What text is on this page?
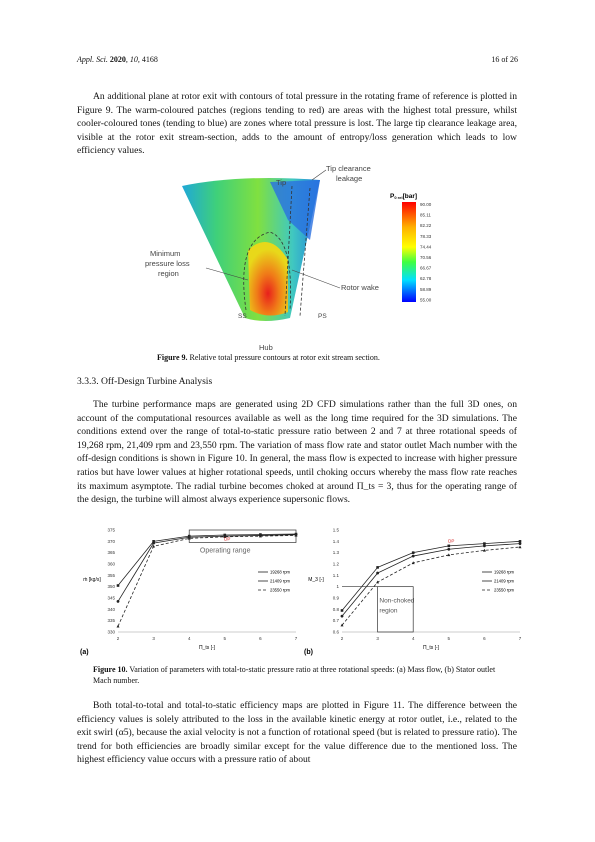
Appl. Sci. 2020, 10, 4168	16 of 26

An additional plane at rotor exit with contours of total pressure in the rotating frame of reference is plotted in Figure 9. The warm-coloured patches (regions tending to red) are areas with the highest total pressure, whilst cooler-coloured tones (tending to blue) are zones where total pressure is lost. The large tip clearance leakage area, visible at the rotor exit stream-section, adds to the amount of entropy/loss generation which leads to low efficiency values.

Tip
Tip clearance
leakage
Minimum
pressure loss
region
Rotor wake
SS	PS
Hub
P0 rel[bar]
90.00
85.11
82.22
78.33
74.44
70.56
66.67
62.78
58.89
55.00
Figure 9. Relative total pressure contours at rotor exit stream section.
3.3.3. Off-Design Turbine Analysis

The turbine performance maps are generated using 2D CFD simulations rather than the full 3D ones, on account of the computational resources available as well as the long time required for the 3D simulations. The conditions extend over the range of total-to-static pressure ratio between 2 and 7 at three rotational speeds of 19,268 rpm, 21,409 rpm and 23,550 rpm. The variation of mass flow rate and stator outlet Mach number with the off-design conditions is shown in Figure 10. In general, the mass flow is expected to increase with higher pressure ratios but have lower values at higher rotational speeds, until choking occurs whereby the mass flow rate reaches its maximum asymptote. The radial turbine becomes choked at around Π_ts = 3, thus for the operating range of the design, the turbine will almost always experience supersonic flows.

2	3	4	5	6	7
330
335
340
345
350
355
360
365
370
375
Π_ts [-]
ṁ [kg/s]
(a)
19268 rpm
21409 rpm
23550 rpm
Operating range
DP
2	3	4	5	6	7
0.6
0.7
0.8
0.9
1
1.1
1.2
1.3
1.4
1.5
Π_ts [-]
M_3 [-]
(b)
19268 rpm
21409 rpm
23550 rpm
Non-choked
region
DP
Figure 10. Variation of parameters with total-to-static pressure ratio at three rotational speeds: (a) Mass flow, (b) Stator outlet Mach number.

Both total-to-total and total-to-static efficiency maps are plotted in Figure 11. The difference between the efficiency values is solely attributed to the loss in the available kinetic energy at rotor outlet, i.e., related to the exit swirl (α5), because the axial velocity is not a function of rotational speed (but is related to pressure ratio). The trend for both efficiencies are broadly similar except for the value difference due to the mentioned loss. The highest efficiency value occurs with a pressure ratio of about
